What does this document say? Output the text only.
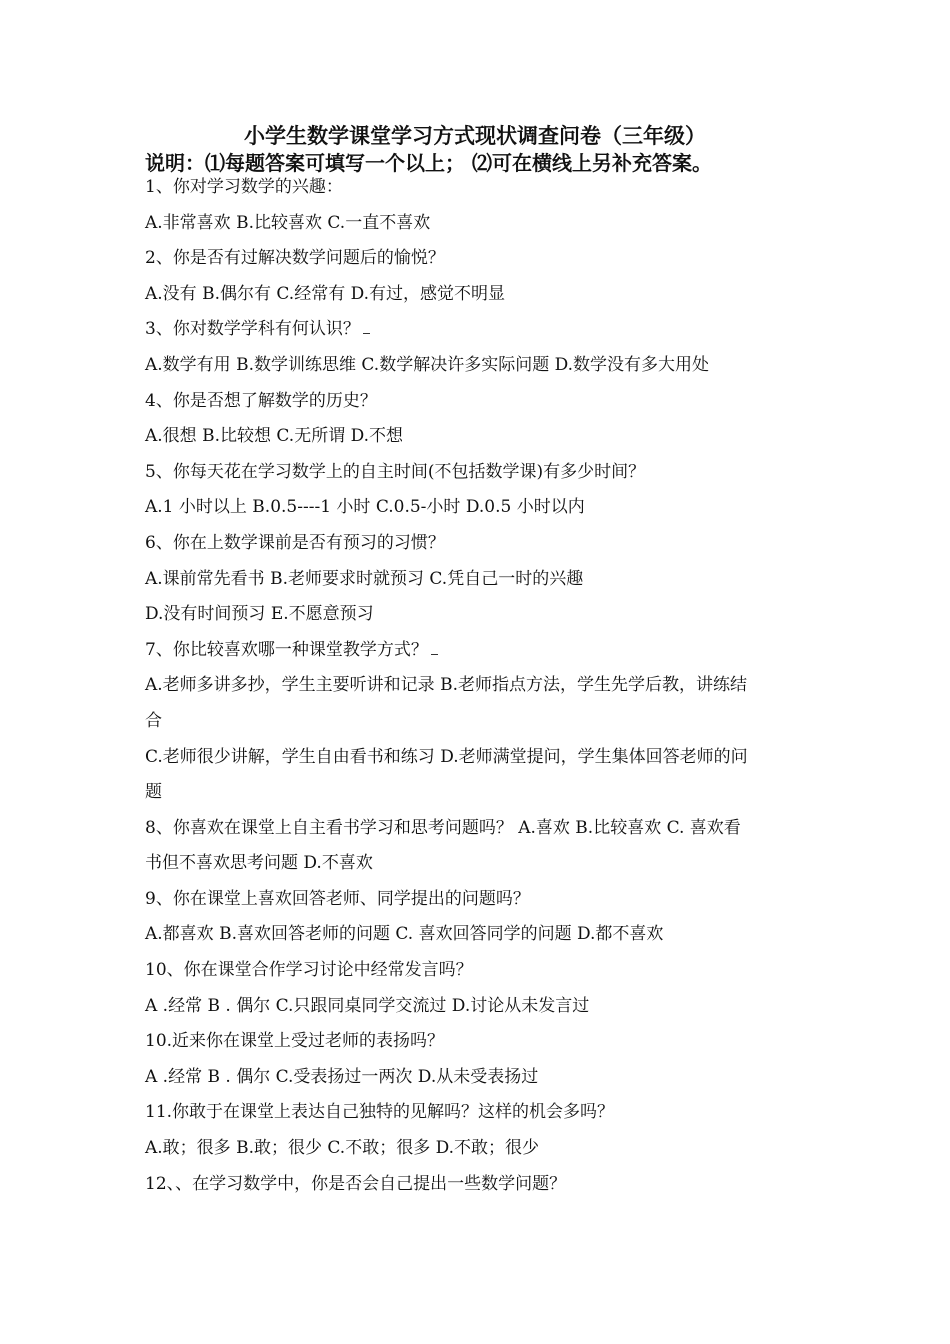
小学生数学课堂学习方式现状调查问卷（三年级）
说明：⑴每题答案可填写一个以上； ⑵可在横线上另补充答案。
1、你对学习数学的兴趣：
A.非常喜欢 B.比较喜欢 C.一直不喜欢
2、你是否有过解决数学问题后的愉悦？
A.没有 B.偶尔有 C.经常有 D.有过，感觉不明显
3、你对数学学科有何认识？
A.数学有用 B.数学训练思维 C.数学解决许多实际问题 D.数学没有多大用处
4、你是否想了解数学的历史？
A.很想 B.比较想 C.无所谓 D.不想
5、你每天花在学习数学上的自主时间(不包括数学课)有多少时间？
A.1 小时以上 B.0.5----1 小时 C.0.5-小时 D.0.5 小时以内
6、你在上数学课前是否有预习的习惯？
A.课前常先看书 B.老师要求时就预习 C.凭自己一时的兴趣
D.没有时间预习 E.不愿意预习
7、你比较喜欢哪一种课堂教学方式？
A.老师多讲多抄，学生主要听讲和记录 B.老师指点方法，学生先学后教，讲练结
合
C.老师很少讲解，学生自由看书和练习 D.老师满堂提问，学生集体回答老师的问
题
8、你喜欢在课堂上自主看书学习和思考问题吗？ A.喜欢 B.比较喜欢 C. 喜欢看
书但不喜欢思考问题 D.不喜欢
9、你在课堂上喜欢回答老师、同学提出的问题吗？
A.都喜欢 B.喜欢回答老师的问题 C. 喜欢回答同学的问题 D.都不喜欢
10、你在课堂合作学习讨论中经常发言吗？
A .经常 B . 偶尔 C.只跟同桌同学交流过 D.讨论从未发言过
10.近来你在课堂上受过老师的表扬吗？
A .经常 B . 偶尔 C.受表扬过一两次 D.从未受表扬过
11.你敢于在课堂上表达自己独特的见解吗？这样的机会多吗？
A.敢；很多 B.敢；很少 C.不敢；很多 D.不敢；很少
12、、在学习数学中，你是否会自己提出一些数学问题？
